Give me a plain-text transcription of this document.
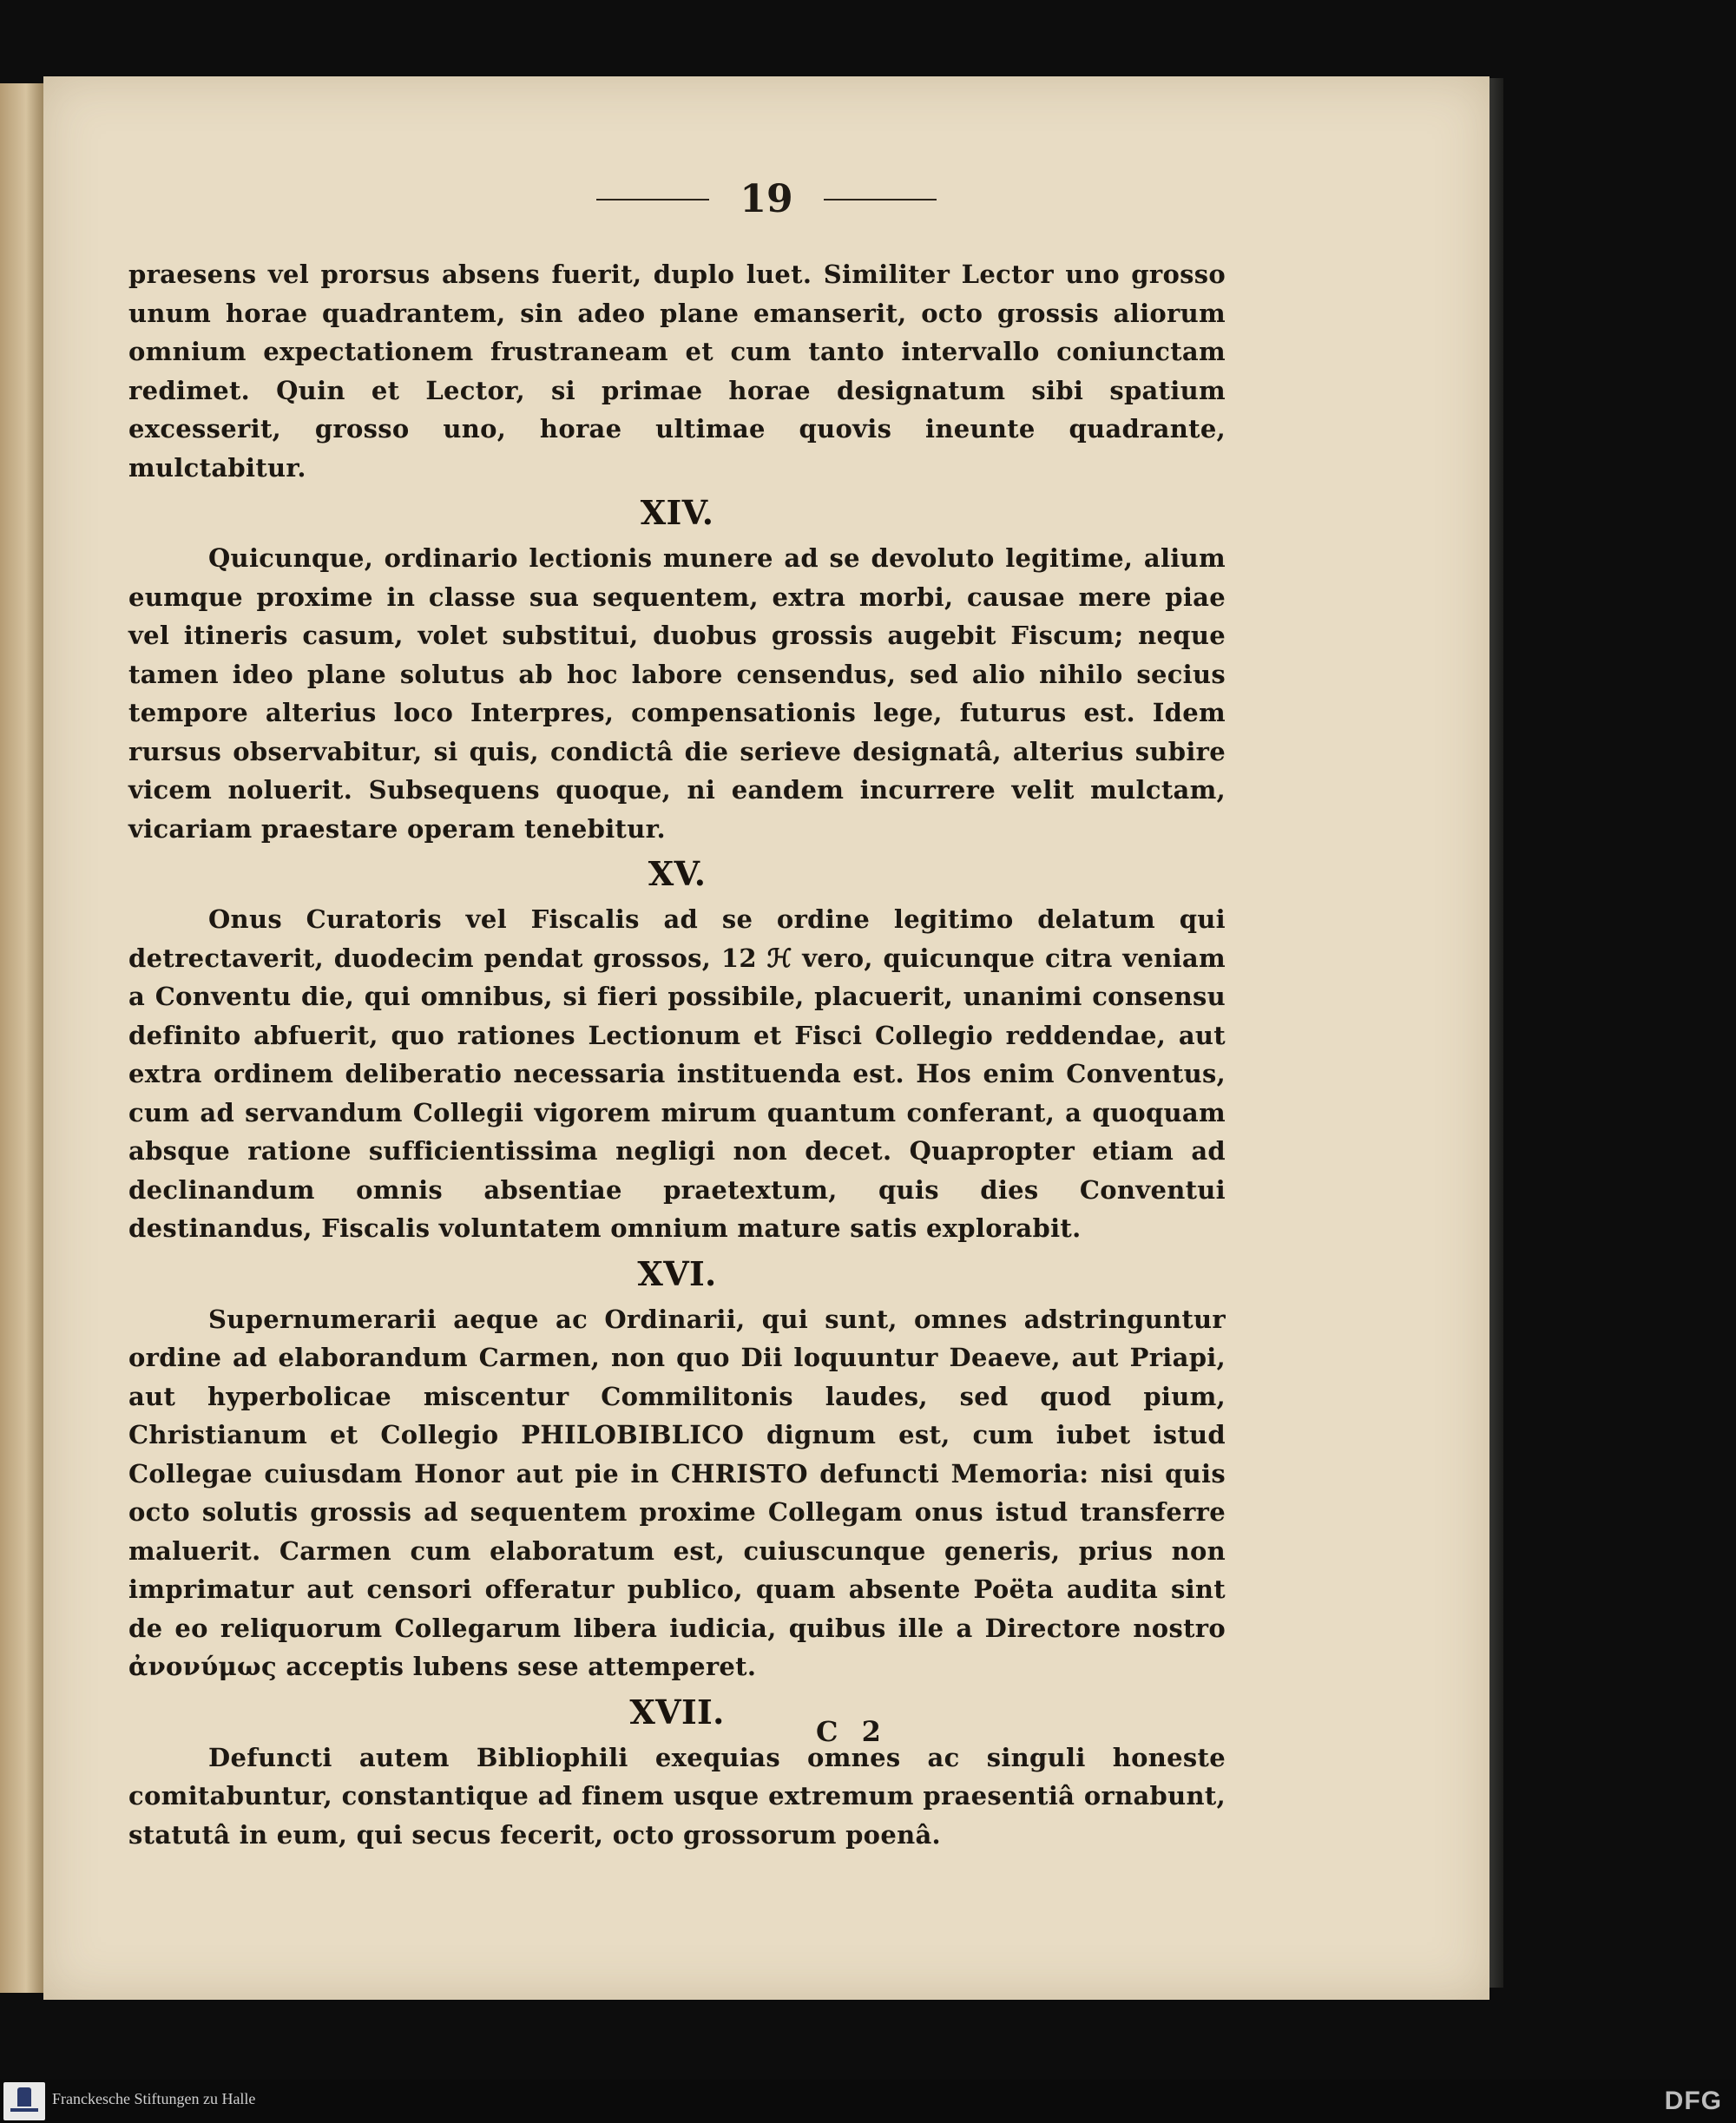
19

praesens vel prorsus absens fuerit, duplo luet. Similiter Lector uno grosso unum horae quadrantem, sin adeo plane emanserit, octo grossis aliorum omnium expectationem frustraneam et cum tanto intervallo coniunctam redimet. Quin et Lector, si primae horae designatum sibi spatium excesserit, grosso uno, horae ultimae quovis ineunte quadrante, mulctabitur.

XIV.

Quicunque, ordinario lectionis munere ad se devoluto legitime, alium eumque proxime in classe sua sequentem, extra morbi, causae mere piae vel itineris casum, volet substitui, duobus grossis augebit Fiscum; neque tamen ideo plane solutus ab hoc labore censendus, sed alio nihilo secius tempore alterius loco Interpres, compensationis lege, futurus est. Idem rursus observabitur, si quis, condictâ die serieve designatâ, alterius subire vicem noluerit. Subsequens quoque, ni eandem incurrere velit mulctam, vicariam praestare operam tenebitur.

XV.

Onus Curatoris vel Fiscalis ad se ordine legitimo delatum qui detrectaverit, duodecim pendat grossos, 12 ℋ vero, quicunque citra veniam a Conventu die, qui omnibus, si fieri possibile, placuerit, unanimi consensu definito abfuerit, quo rationes Lectionum et Fisci Collegio reddendae, aut extra ordinem deliberatio necessaria instituenda est. Hos enim Conventus, cum ad servandum Collegii vigorem mirum quantum conferant, a quoquam absque ratione sufficientissima negligi non decet. Quapropter etiam ad declinandum omnis absentiae praetextum, quis dies Conventui destinandus, Fiscalis voluntatem omnium mature satis explorabit.

XVI.

Supernumerarii aeque ac Ordinarii, qui sunt, omnes adstringuntur ordine ad elaborandum Carmen, non quo Dii loquuntur Deaeve, aut Priapi, aut hyperbolicae miscentur Commilitonis laudes, sed quod pium, Christianum et Collegio PHILOBIBLICO dignum est, cum iubet istud Collegae cuiusdam Honor aut pie in CHRISTO defuncti Memoria: nisi quis octo solutis grossis ad sequentem proxime Collegam onus istud transferre maluerit. Carmen cum elaboratum est, cuiuscunque generis, prius non imprimatur aut censori offeratur publico, quam absente Poëta audita sint de eo reliquorum Collegarum libera iudicia, quibus ille a Directore nostro ἀνονύμως acceptis lubens sese attemperet.

XVII.

Defuncti autem Bibliophili exequias omnes ac singuli honeste comitabuntur, constantique ad finem usque extremum praesentiâ ornabunt, statutâ in eum, qui secus fecerit, octo grossorum poenâ.

C 2
Franckesche Stiftungen zu Halle	DFG
